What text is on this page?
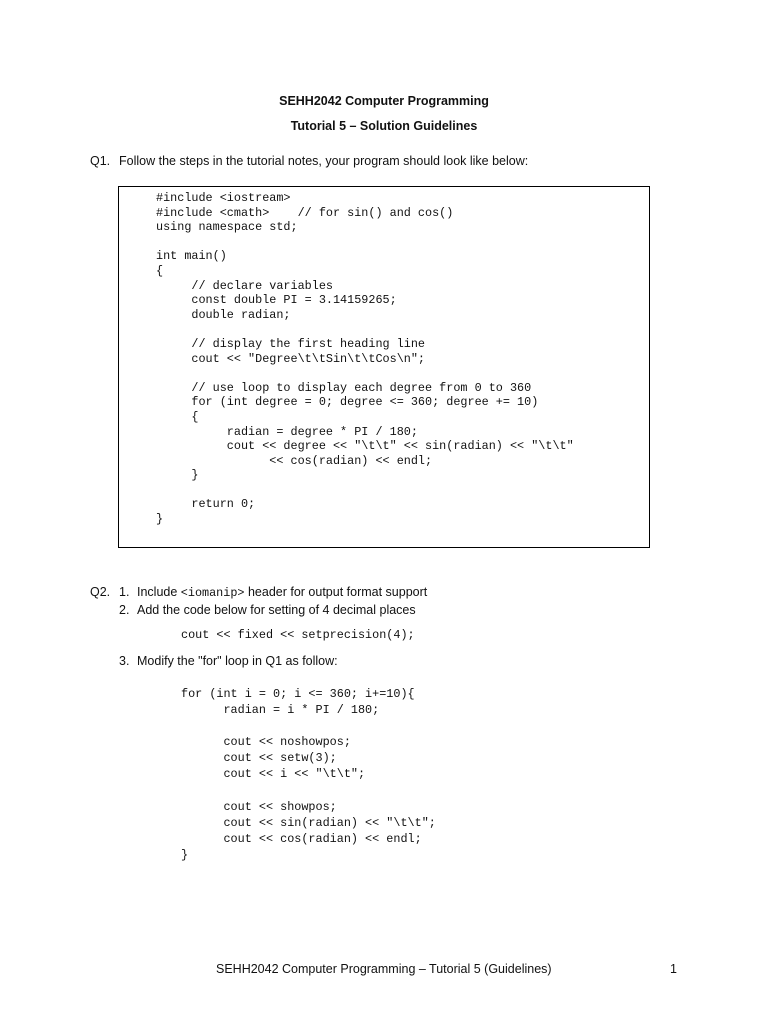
SEHH2042 Computer Programming
Tutorial 5 – Solution Guidelines
Q1. Follow the steps in the tutorial notes, your program should look like below:
#include <iostream>
#include <cmath>    // for sin() and cos()
using namespace std;

int main()
{
// declare variables
const double PI = 3.14159265;
double radian;

// display the first heading line
cout << "Degree\t\tSin\t\tCos\n";

// use loop to display each degree from 0 to 360
for (int degree = 0; degree <= 360; degree += 10)
{
radian = degree * PI / 180;
cout << degree << "\t\t" << sin(radian) << "\t\t"
<< cos(radian) << endl;
}

return 0;
}
Q2. 1. Include <iomanip> header for output format support
2. Add the code below for setting of 4 decimal places
cout << fixed << setprecision(4);
3. Modify the "for" loop in Q1 as follow:
for (int i = 0; i <= 360; i+=10){
radian = i * PI / 180;

cout << noshowpos;
cout << setw(3);
cout << i << "\t\t";

cout << showpos;
cout << sin(radian) << "\t\t";
cout << cos(radian) << endl;
}
SEHH2042 Computer Programming – Tutorial 5 (Guidelines)	1
